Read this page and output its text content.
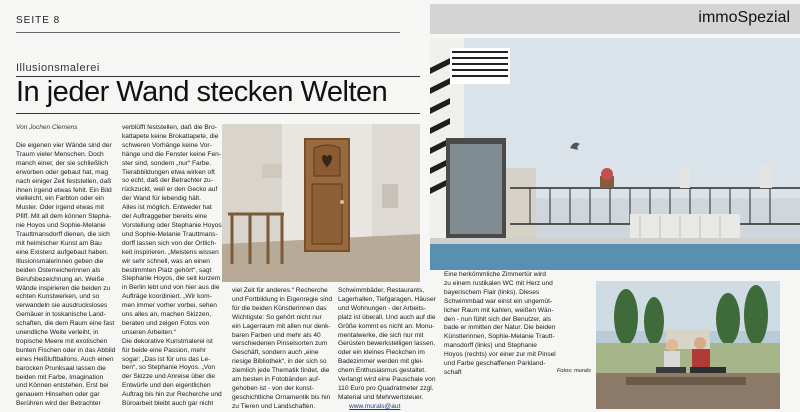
SEITE 8	immoSpezial
Illusionsmalerei
In jeder Wand stecken Welten
Von Jochen Clemens
Die eigenen vier Wände sind der
Traum vieler Menschen. Doch
manch einer, der sie schließlich
erworben oder gebaut hat, mag
nach einiger Zeit feststellen, daß
ihnen irgend etwas fehlt. Ein Bild
vielleicht, ein Farbton oder ein
Muster. Oder irgend etwas mit
Pfiff. Mit all dem können Stepha-
nie Hoyos und Sophie-Melanie
Trauttmansdorff dienen, die sich
mit heimischer Kunst am Bau
eine Existenz aufgebaut haben.
Illusionsmalerinnen geben die
beiden Österreicherinnen als
Berufsbezeichnung an. Weiße
Wände inspirieren die beiden zu
echten Kunstwerken, und so
verwandeln sie ausdrucksloses
Gemäuer in toskanische Land-
schaften, die dem Raum eine fast
unendliche Weite verleiht, in
tropische Meere mit exotischen
bunten Fischen oder in das Abbild
eines Heißluftballons. Auch einen
barocken Prunksaal lassen die
beiden mit Farbe, Imagination
und Können entstehen. Erst bei
genauem Hinsehen oder gar
Berühren wird der Betrachter
verblüfft feststellen, daß die Bro-
kattapete keine Brokattapete, die
schweren Vorhänge keine Vor-
hänge und die Fenster keine Fen-
ster sind, sondern „nur“ Farbe.
Tierabbildungen etwa wirken oft
so echt, daß der Betrachter zu-
rückzuckt, weil er den Gecko auf
der Wand für lebendig hält.
Alles ist möglich. Entweder hat
der Auftraggeber bereits eine
Vorstellung oder Stephanie Hoyos
und Sophie-Melanie Trauttmans-
dorff lassen sich von der Örtlich-
keit inspirieren. „Meistens wissen
wir sehr schnell, was an einen
bestimmten Platz gehört“, sagt
Stephanie Hoyos, die seit kurzem
in Berlin lebt und von hier aus die
Aufträge koordiniert. „Wir kom-
men immer vorher vorbei, sehen
uns alles an, machen Skizzen,
beraten und zeigen Fotos von
unseren Arbeiten.“
Die dekorative Kunstmalerei ist
für beide eine Passion, mehr
sogar: „Das ist für uns das Le-
ben“, so Stephanie Hoyos. „Von
der Skizze und Anreise über die
Entwürfe und den eigentlichen
Auftrag bis hin zur Recherche und
Büroarbeit bleibt auch gar nicht
viel Zeit für anderes.“ Recherche
und Fortbildung in Eigenregie sind
für die beiden Künstlerinnen das
Wichtigste: So gehört nicht nur
ein Lagerraum mit allen nur denk-
baren Farben und mehr als 40
verschiedenen Pinselsorten zum
Geschäft, sondern auch „eine
riesige Bibliothek“, in der sich so
ziemlich jede Thematik findet, die
am besten in Fotobänden auf-
gehoben ist - von der kunst-
geschichtliche Ornamentik bis hin
zu Tieren und Landschaften.
Schwimmbäder, Restaurants,
Lagerhallen, Tiefgaragen, Häuser
und Wohnungen - der Arbeits-
platz ist überall. Und auch auf die
Größe kommt es nicht an. Monu-
mentalwerke, die sich nur mit
Gerüsten bewerkstelligen lassen,
oder ein kleines Fleckchen im
Badezimmer werden mit glei-
chem Enthusiasmus gestaltet.
Verlangt wird eine Pauschale von
110 Euro pro Quadratmeter zzgl.
Material und Mehrwertsteuer.
www.murals@aut
Eine herkömmliche Zimmertür wird
zu einem rustikalen WC mit Herz und
bayerischem Flair (links). Dieses
Schwimmbad war einst ein ungemüt-
licher Raum mit kahlen, weißen Wän-
den - nun fühlt sich der Benutzer, als
bade er inmitten der Natur. Die beiden
Künstlerinnen, Sophie-Melanie Trautt-
mansdorff (links) und Stephanie
Hoyos (rechts) vor einer zur mit Pinsel
und Farbe geschaffenen Parkland-
schaft	Fotos: murals
